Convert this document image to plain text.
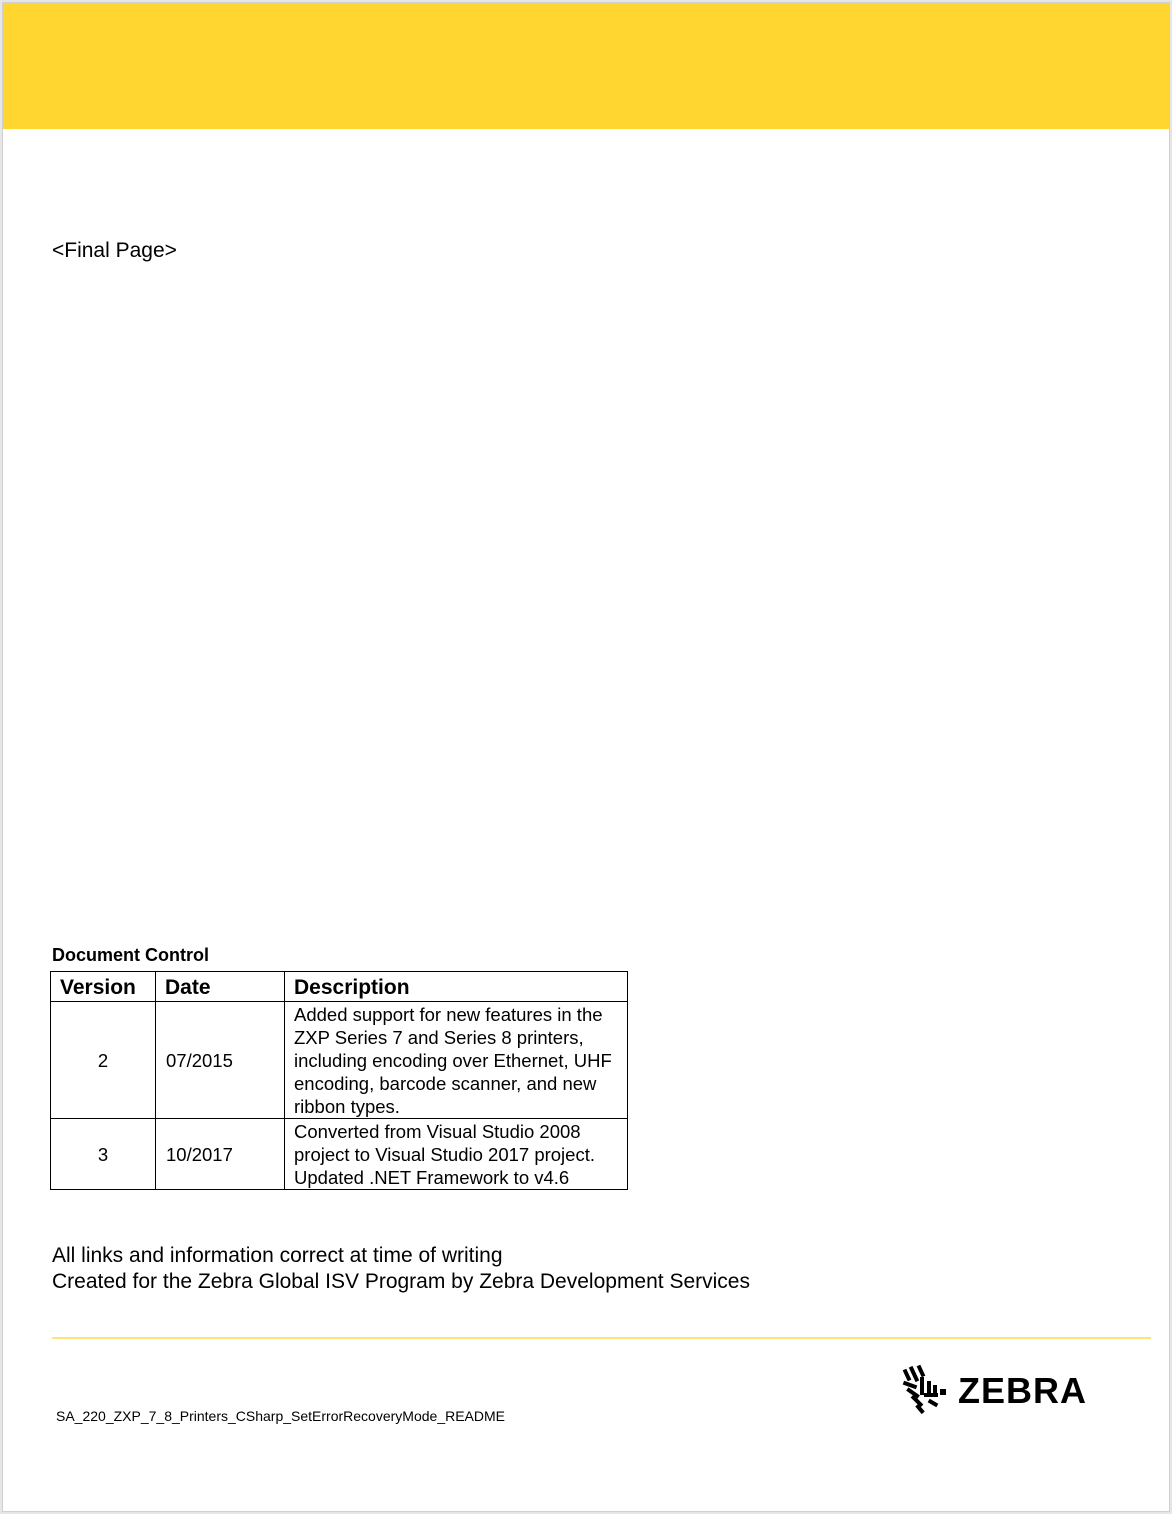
<Final Page>
Document Control
Version	Date	Description
2	07/2015	Added support for new features in the ZXP Series 7 and Series 8 printers, including encoding over Ethernet, UHF encoding, barcode scanner, and new ribbon types.
3	10/2017	Converted from Visual Studio 2008 project to Visual Studio 2017 project. Updated .NET Framework to v4.6
All links and information correct at time of writing
Created for the Zebra Global ISV Program by Zebra Development Services
SA_220_ZXP_7_8_Printers_CSharp_SetErrorRecoveryMode_README
ZEBRA
